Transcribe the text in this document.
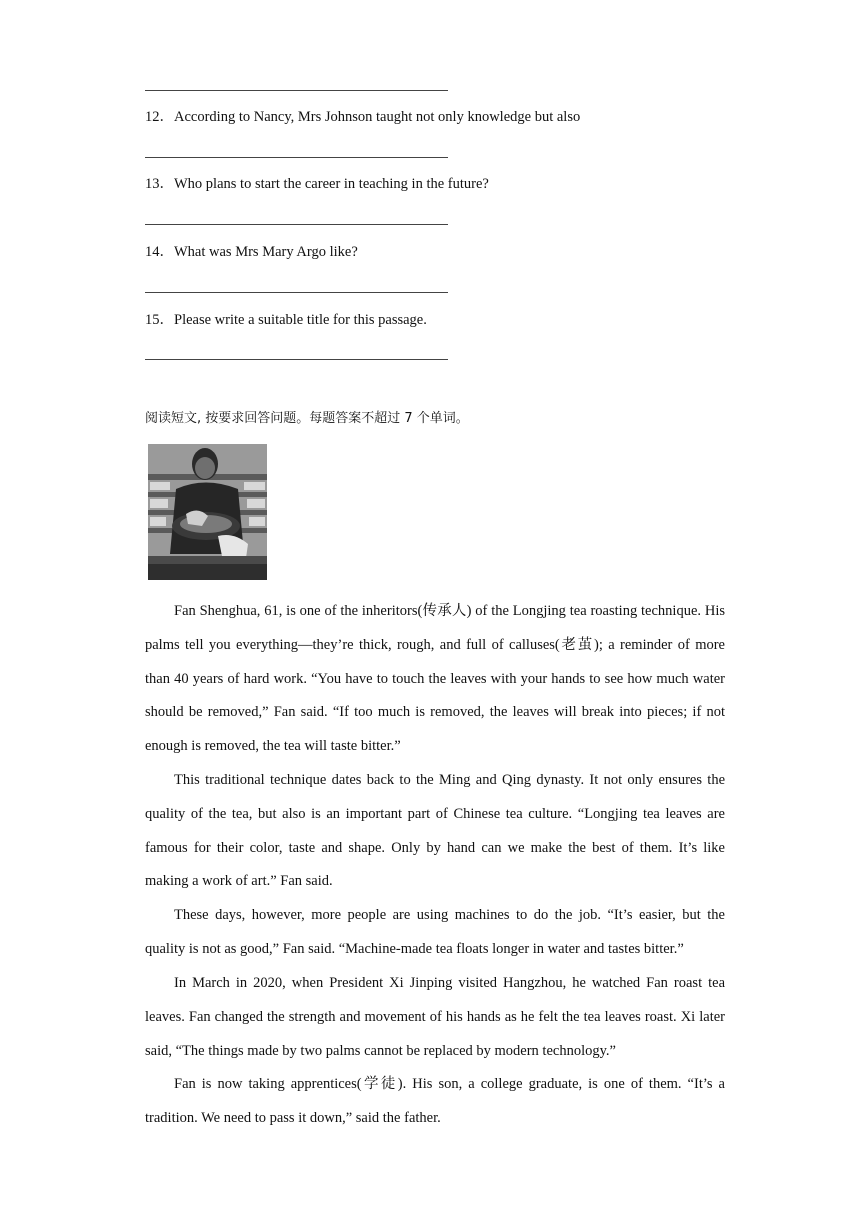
12．According to Nancy, Mrs Johnson taught not only knowledge but also
13．Who plans to start the career in teaching in the future?
14．What was Mrs Mary Argo like?
15．Please write a suitable title for this passage.
阅读短文, 按要求回答问题。每题答案不超过 7 个单词。
Fan Shenghua, 61, is one of the inheritors(传承人) of the Longjing tea roasting technique. His palms tell you everything—they’re thick, rough, and full of calluses(老茧); a reminder of more than 40 years of hard work. “You have to touch the leaves with your hands to see how much water should be removed,” Fan said. “If too much is removed, the leaves will break into pieces; if not enough is removed, the tea will taste bitter.”
This traditional technique dates back to the Ming and Qing dynasty. It not only ensures the quality of the tea, but also is an important part of Chinese tea culture. “Longjing tea leaves are famous for their color, taste and shape. Only by hand can we make the best of them. It’s like making a work of art.” Fan said.
These days, however, more people are using machines to do the job. “It’s easier, but the quality is not as good,” Fan said. “Machine-made tea floats longer in water and tastes bitter.”
In March in 2020, when President Xi Jinping visited Hangzhou, he watched Fan roast tea leaves. Fan changed the strength and movement of his hands as he felt the tea leaves roast. Xi later said, “The things made by two palms cannot be replaced by modern technology.”
Fan is now taking apprentices(学徒). His son, a college graduate, is one of them. “It’s a tradition. We need to pass it down,” said the father.
